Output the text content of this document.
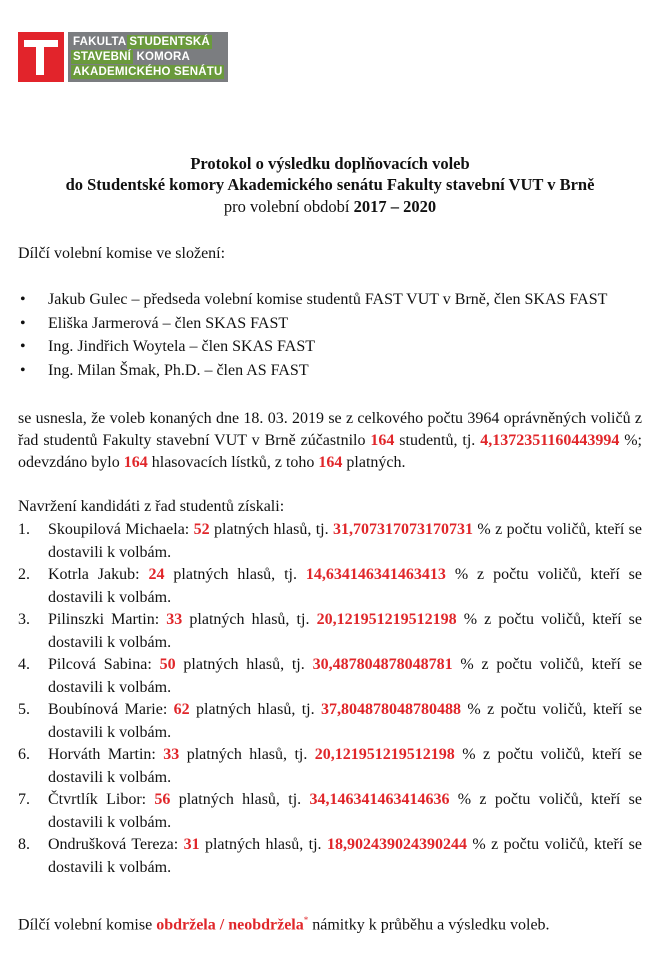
FAKULTA STUDENTSKÁ
STAVEBNÍ KOMORA
AKADEMICKÉHO SENÁTU
Protokol o výsledku doplňovacích voleb
do Studentské komory Akademického senátu Fakulty stavební VUT v Brně
pro volební období 2017 – 2020
Dílčí volební komise ve složení:
• Jakub Gulec – předseda volební komise studentů FAST VUT v Brně, člen SKAS FAST
• Eliška Jarmerová – člen SKAS FAST
• Ing. Jindřich Woytela – člen SKAS FAST
• Ing. Milan Šmak, Ph.D. – člen AS FAST
se usnesla, že voleb konaných dne 18. 03. 2019 se z celkového počtu 3964 oprávněných voličů z řad studentů Fakulty stavební VUT v Brně zúčastnilo 164 studentů, tj. 4,1372351160443994 %; odevzdáno bylo 164 hlasovacích lístků, z toho 164 platných.
Navržení kandidáti z řad studentů získali:
1.	Skoupilová Michaela: 52 platných hlasů, tj. 31,707317073170731 % z počtu voličů, kteří se dostavili k volbám.
2.	Kotrla Jakub: 24 platných hlasů, tj. 14,634146341463413 % z počtu voličů, kteří se dostavili k volbám.
3.	Pilinszki Martin: 33 platných hlasů, tj. 20,121951219512198 % z počtu voličů, kteří se dostavili k volbám.
4.	Pilcová Sabina: 50 platných hlasů, tj. 30,487804878048781 % z počtu voličů, kteří se dostavili k volbám.
5.	Boubínová Marie: 62 platných hlasů, tj. 37,804878048780488 % z počtu voličů, kteří se dostavili k volbám.
6.	Horváth Martin: 33 platných hlasů, tj. 20,121951219512198 % z počtu voličů, kteří se dostavili k volbám.
7.	Čtvrtlík Libor: 56 platných hlasů, tj. 34,146341463414636 % z počtu voličů, kteří se dostavili k volbám.
8.	Ondrušková Tereza: 31 platných hlasů, tj. 18,902439024390244 % z počtu voličů, kteří se dostavili k volbám.
Dílčí volební komise obdržela / neobdržela* námitky k průběhu a výsledku voleb.
